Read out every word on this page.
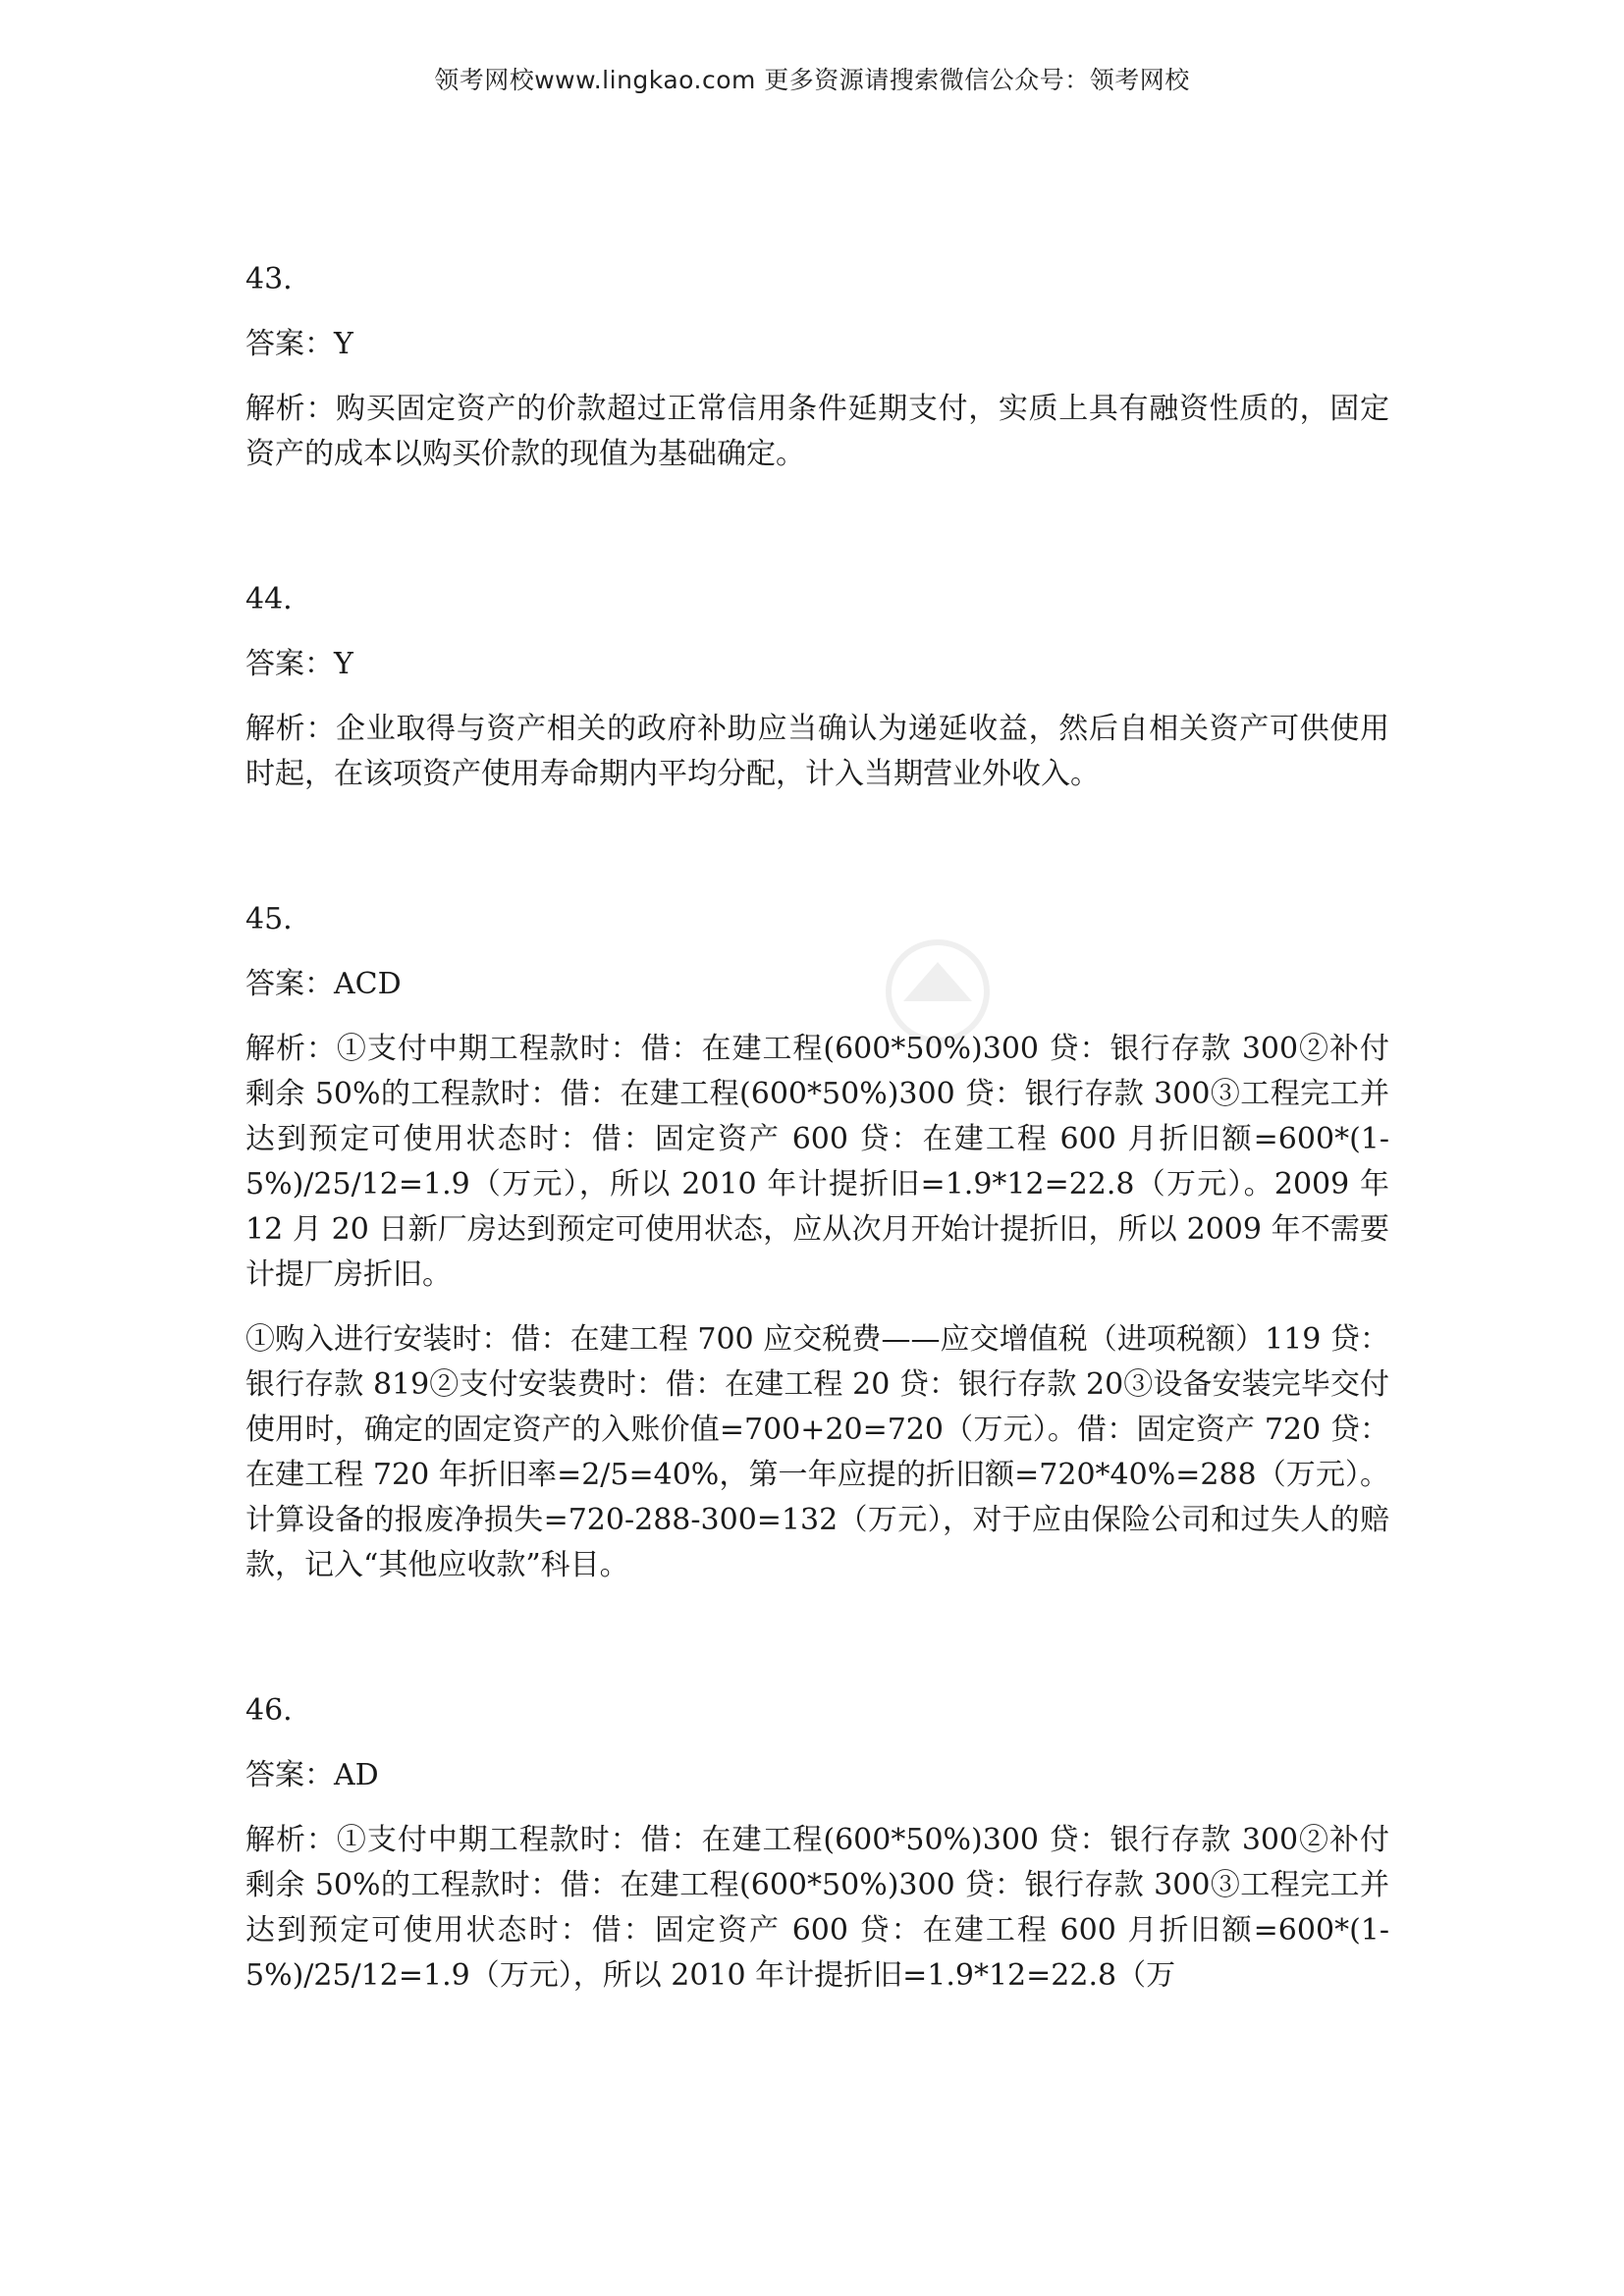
领考网校www.lingkao.com 更多资源请搜索微信公众号：领考网校

43.

答案：Y

解析：购买固定资产的价款超过正常信用条件延期支付，实质上具有融资性质的，固定资产的成本以购买价款的现值为基础确定。

44.

答案：Y

解析：企业取得与资产相关的政府补助应当确认为递延收益，然后自相关资产可供使用时起，在该项资产使用寿命期内平均分配，计入当期营业外收入。

45.

答案：ACD

解析：①支付中期工程款时：借：在建工程(600*50%)300 贷：银行存款 300②补付剩余 50%的工程款时：借：在建工程(600*50%)300 贷：银行存款 300③工程完工并达到预定可使用状态时：借：固定资产 600 贷：在建工程 600 月折旧额=600*(1-5%)/25/12=1.9（万元），所以 2010 年计提折旧=1.9*12=22.8（万元）。2009 年 12 月 20 日新厂房达到预定可使用状态，应从次月开始计提折旧，所以 2009 年不需要计提厂房折旧。

①购入进行安装时：借：在建工程 700 应交税费——应交增值税（进项税额）119 贷：银行存款 819②支付安装费时：借：在建工程 20 贷：银行存款 20③设备安装完毕交付使用时，确定的固定资产的入账价值=700+20=720（万元）。借：固定资产 720 贷：在建工程 720 年折旧率=2/5=40%，第一年应提的折旧额=720*40%=288（万元）。计算设备的报废净损失=720-288-300=132（万元），对于应由保险公司和过失人的赔款，记入“其他应收款”科目。

46.

答案：AD

解析：①支付中期工程款时：借：在建工程(600*50%)300 贷：银行存款 300②补付剩余 50%的工程款时：借：在建工程(600*50%)300 贷：银行存款 300③工程完工并达到预定可使用状态时：借：固定资产 600 贷：在建工程 600 月折旧额=600*(1-5%)/25/12=1.9（万元），所以 2010 年计提折旧=1.9*12=22.8（万
